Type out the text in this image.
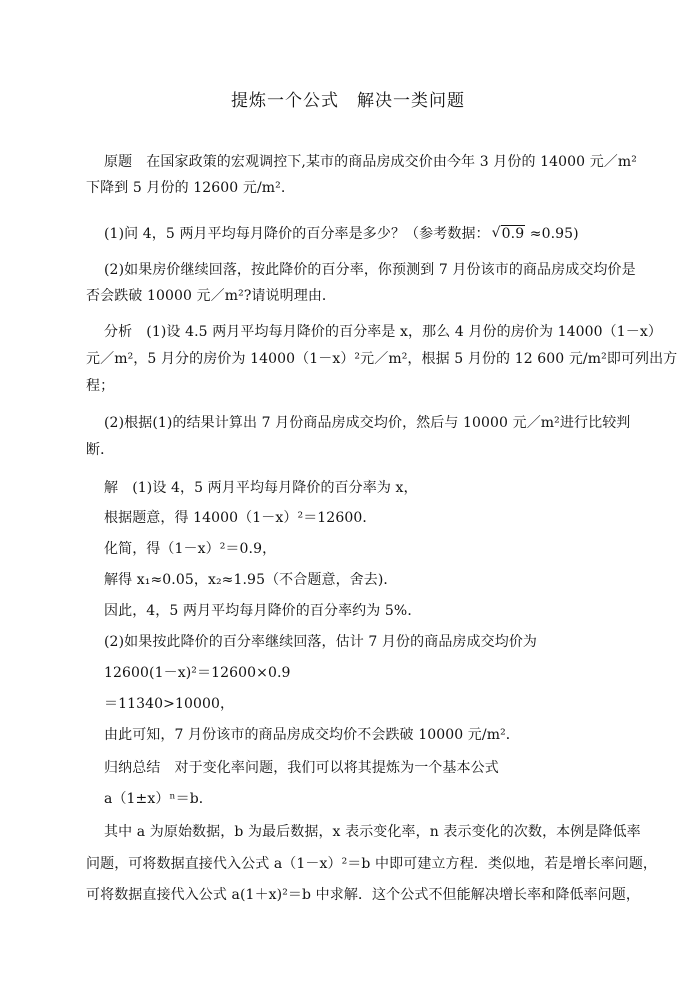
提炼一个公式　解决一类问题
原题　在国家政策的宏观调控下,某市的商品房成交价由今年 3 月份的 14000 元／m²
下降到 5 月份的 12600 元/m².
(1)问 4，5 两月平均每月降价的百分率是多少？（参考数据：√ 0.9 ≈0.95)
(2)如果房价继续回落，按此降价的百分率，你预测到 7 月份该市的商品房成交均价是
否会跌破 10000 元／m²?请说明理由．
分析　(1)设 4.5 两月平均每月降价的百分率是 x，那么 4 月份的房价为 14000（1－x）
元／m²，5 月分的房价为 14000（1－x）²元／m²，根据 5 月份的 12 600 元/m²即可列出方
程；
(2)根据(1)的结果计算出 7 月份商品房成交均价，然后与 10000 元／m²进行比较判
断．
解　(1)设 4，5 两月平均每月降价的百分率为 x，
根据题意，得 14000（1－x）²＝12600．
化简，得（1－x）²＝0.9，
解得 x₁≈0.05，x₂≈1.95（不合题意，舍去)．
因此，4，5 两月平均每月降价的百分率约为 5%．
(2)如果按此降价的百分率继续回落，估计 7 月份的商品房成交均价为
12600(1－x)²＝12600×0.9
＝11340>10000，
由此可知，7 月份该市的商品房成交均价不会跌破 10000 元/m²．
归纳总结　对于变化率问题，我们可以将其提炼为一个基本公式
a（1±x）ⁿ＝b．
其中 a 为原始数据，b 为最后数据，x 表示变化率，n 表示变化的次数，本例是降低率
问题，可将数据直接代入公式 a（1－x）²＝b 中即可建立方程．类似地，若是增长率问题，
可将数据直接代入公式 a(1＋x)²＝b 中求解．这个公式不但能解决增长率和降低率问题，
